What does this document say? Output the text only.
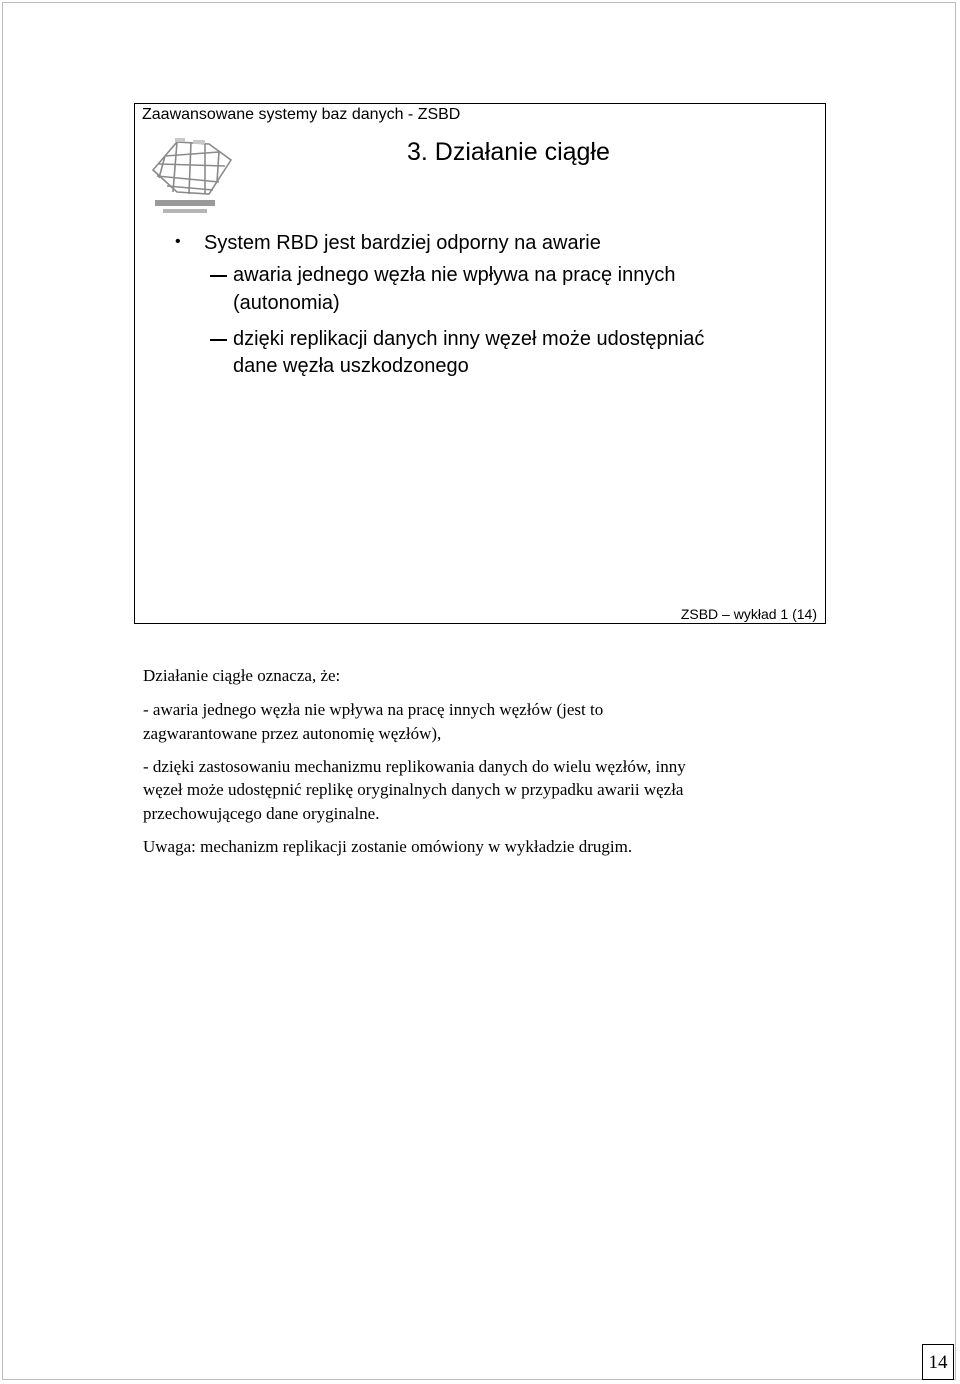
Zaawansowane systemy baz danych - ZSBD
3. Działanie ciągłe
• System RBD jest bardziej odporny na awarie
awaria jednego węzła nie wpływa na pracę innych
(autonomia)
dzięki replikacji danych inny węzeł może udostępniać
dane węzła uszkodzonego
ZSBD – wykład 1 (14)
Działanie ciągłe oznacza, że:
- awaria jednego węzła nie wpływa na pracę innych węzłów (jest to
zagwarantowane przez autonomię węzłów),
- dzięki zastosowaniu mechanizmu replikowania danych do wielu węzłów, inny
węzeł może udostępnić replikę oryginalnych danych w przypadku awarii węzła
przechowującego dane oryginalne.
Uwaga: mechanizm replikacji zostanie omówiony w wykładzie drugim.
14
